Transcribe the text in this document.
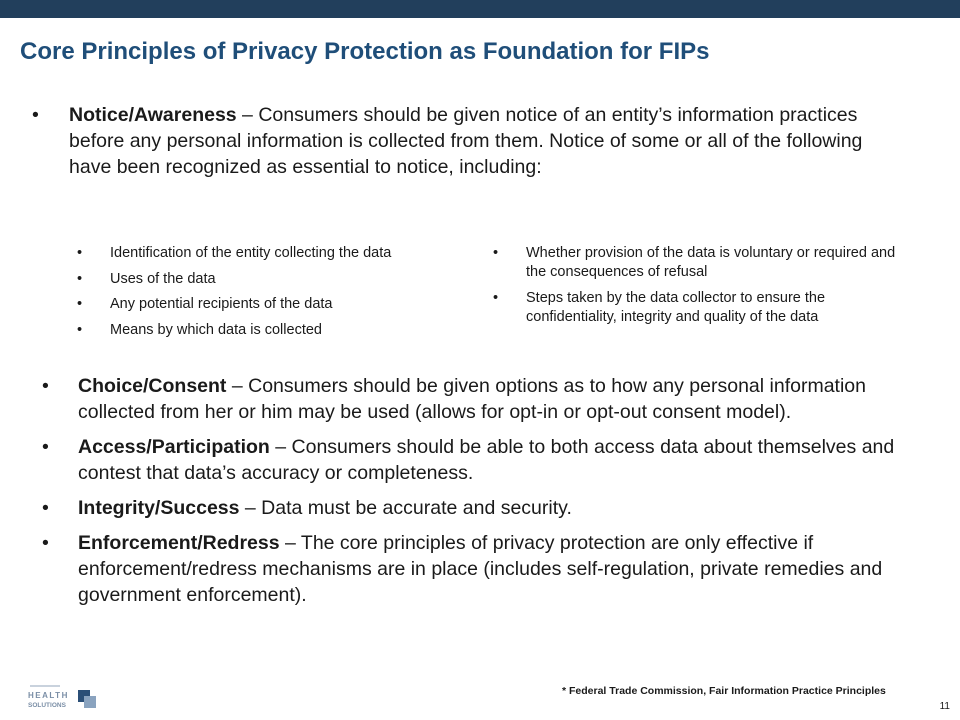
Core Principles of Privacy Protection as Foundation for FIPs
• Notice/Awareness – Consumers should be given notice of an entity’s information practices before any personal information is collected from them. Notice of some or all of the following have been recognized as essential to notice, including:
• Identification of the entity collecting the data
• Uses of the data
• Any potential recipients of the data
• Means by which data is collected
• Whether provision of the data is voluntary or required and the consequences of refusal
• Steps taken by the data collector to ensure the confidentiality, integrity and quality of the data
• Choice/Consent – Consumers should be given options as to how any personal information collected from her or him may be used (allows for opt-in or opt-out consent model).
• Access/Participation – Consumers should be able to both access data about themselves and contest that data’s accuracy or completeness.
• Integrity/Success – Data must be accurate and security.
• Enforcement/Redress – The core principles of privacy protection are only effective if enforcement/redress mechanisms are in place (includes self-regulation, private remedies and government enforcement).
HEALTH
SOLUTIONS

* Federal Trade Commission, Fair Information Practice Principles

11
